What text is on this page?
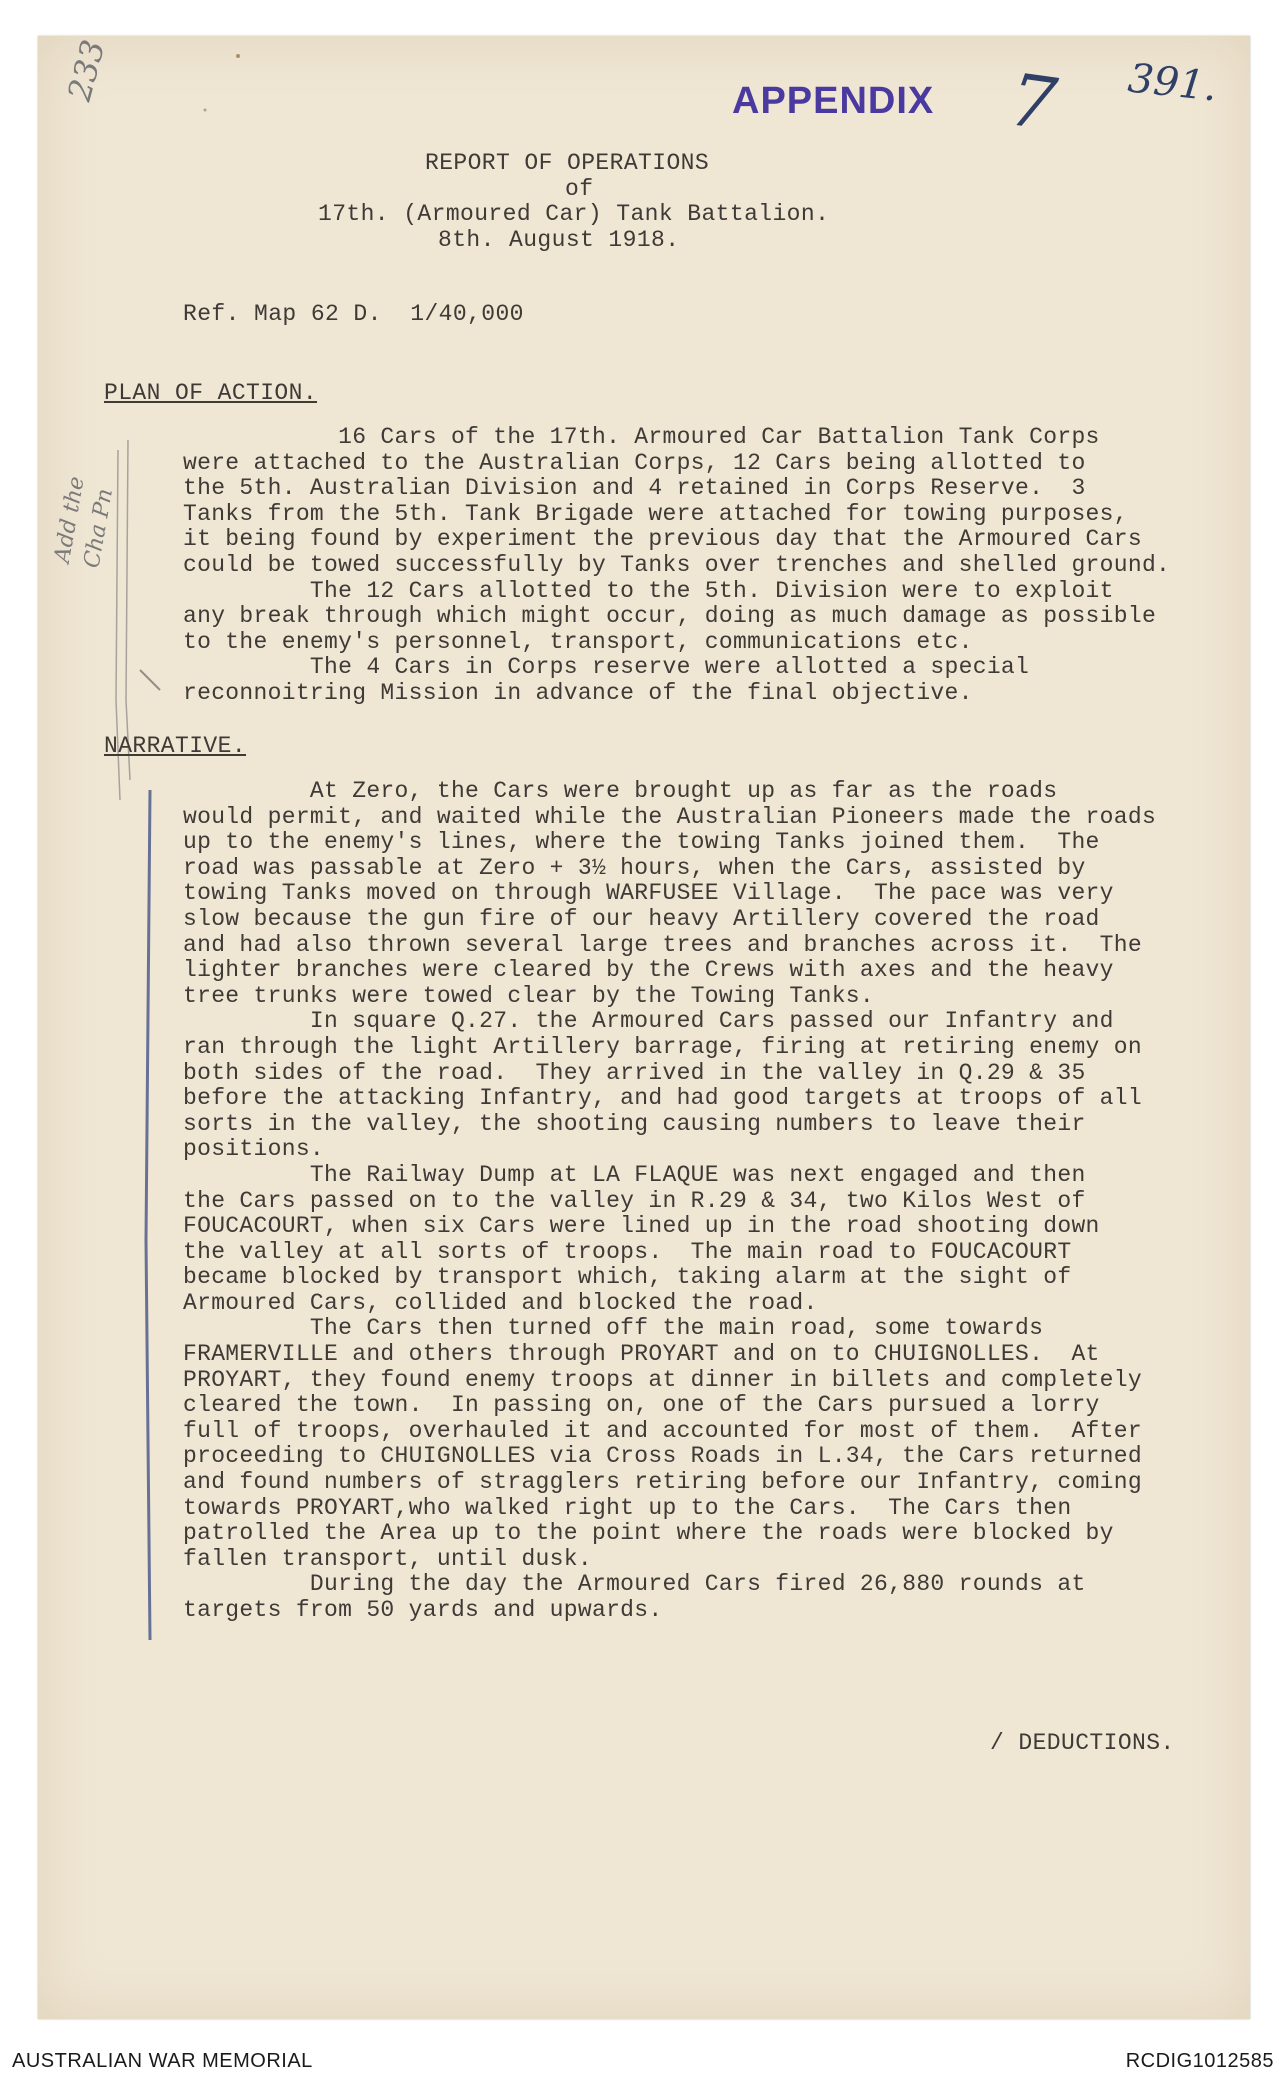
APPENDIX 7 391.
233
Add the Cha Pn
REPORT OF OPERATIONS
of
17th. (Armoured Car) Tank Battalion.
8th. August 1918.
Ref. Map 62 D.  1/40,000
PLAN OF ACTION.
16 Cars of the 17th. Armoured Car Battalion Tank Corps
were attached to the Australian Corps, 12 Cars being allotted to
the 5th. Australian Division and 4 retained in Corps Reserve.  3
Tanks from the 5th. Tank Brigade were attached for towing purposes,
it being found by experiment the previous day that the Armoured Cars
could be towed successfully by Tanks over trenches and shelled ground.
The 12 Cars allotted to the 5th. Division were to exploit
any break through which might occur, doing as much damage as possible
to the enemy's personnel, transport, communications etc.
The 4 Cars in Corps reserve were allotted a special
reconnoitring Mission in advance of the final objective.
NARRATIVE.
At Zero, the Cars were brought up as far as the roads
would permit, and waited while the Australian Pioneers made the roads
up to the enemy's lines, where the towing Tanks joined them.  The
road was passable at Zero + 3½ hours, when the Cars, assisted by
towing Tanks moved on through WARFUSEE Village.  The pace was very
slow because the gun fire of our heavy Artillery covered the road
and had also thrown several large trees and branches across it.  The
lighter branches were cleared by the Crews with axes and the heavy
tree trunks were towed clear by the Towing Tanks.
In square Q.27. the Armoured Cars passed our Infantry and
ran through the light Artillery barrage, firing at retiring enemy on
both sides of the road.  They arrived in the valley in Q.29 & 35
before the attacking Infantry, and had good targets at troops of all
sorts in the valley, the shooting causing numbers to leave their
positions.
The Railway Dump at LA FLAQUE was next engaged and then
the Cars passed on to the valley in R.29 & 34, two Kilos West of
FOUCACOURT, when six Cars were lined up in the road shooting down
the valley at all sorts of troops.  The main road to FOUCACOURT
became blocked by transport which, taking alarm at the sight of
Armoured Cars, collided and blocked the road.
The Cars then turned off the main road, some towards
FRAMERVILLE and others through PROYART and on to CHUIGNOLLES.  At
PROYART, they found enemy troops at dinner in billets and completely
cleared the town.  In passing on, one of the Cars pursued a lorry
full of troops, overhauled it and accounted for most of them.  After
proceeding to CHUIGNOLLES via Cross Roads in L.34, the Cars returned
and found numbers of stragglers retiring before our Infantry, coming
towards PROYART,who walked right up to the Cars.  The Cars then
patrolled the Area up to the point where the roads were blocked by
fallen transport, until dusk.
During the day the Armoured Cars fired 26,880 rounds at
targets from 50 yards and upwards.
/ DEDUCTIONS.
AUSTRALIAN WAR MEMORIAL	RCDIG1012585
